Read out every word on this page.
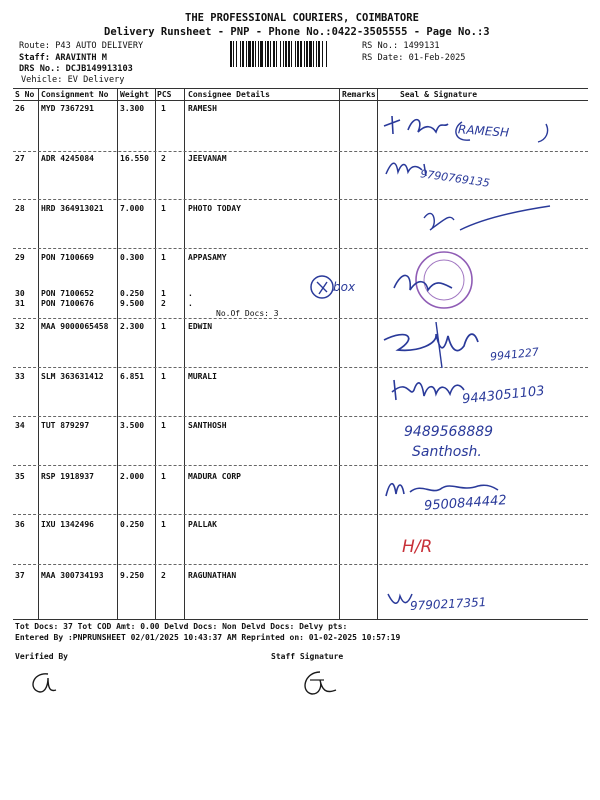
THE PROFESSIONAL COURIERS, COIMBATORE
Delivery Runsheet - PNP - Phone No.:0422-3505555 - Page No.:3
Route: P43 AUTO DELIVERY
Staff: ARAVINTH M
DRS No.: DCJB149913103
Vehicle: EV Delivery
RS No.: 1499131
RS Date: 01-Feb-2025
S No Consignment No Weight PCS Consignee Details	Remarks	Seal & Signature
26 MYD 7367291	3.300 1	RAMESH
27 ADR 4245084	16.550 2	JEEVANAM
28 HRD 364913021 7.000 1	PHOTO TODAY
29 PON 7100669	0.300 1	APPASAMY
30 PON 7100652	0.250 1	.
31 PON 7100676	9.500 2	.
No.Of Docs: 3
32 MAA 9000065458 2.300 1	EDWIN
33 SLM 363631412 6.851 1	MURALI
34 TUT 879297	3.500 1	SANTHOSH
35 RSP 1918937	2.000 1	MADURA CORP
36 IXU 1342496	0.250 1	PALLAK
37 MAA 300734193 9.250 2	RAGUNATHAN
RAMESH
9790769135
box
9941227
9443051103
9489568889
Santhosh.
9500844442
H/R
9790217351
Tot Docs: 37 Tot COD Amt: 0.00 Delvd Docs: Non Delvd Docs: Delvy pts:
Entered By :PNPRUNSHEET 02/01/2025 10:43:37 AM Reprinted on: 01-02-2025 10:57:19
Verified By	Staff Signature
